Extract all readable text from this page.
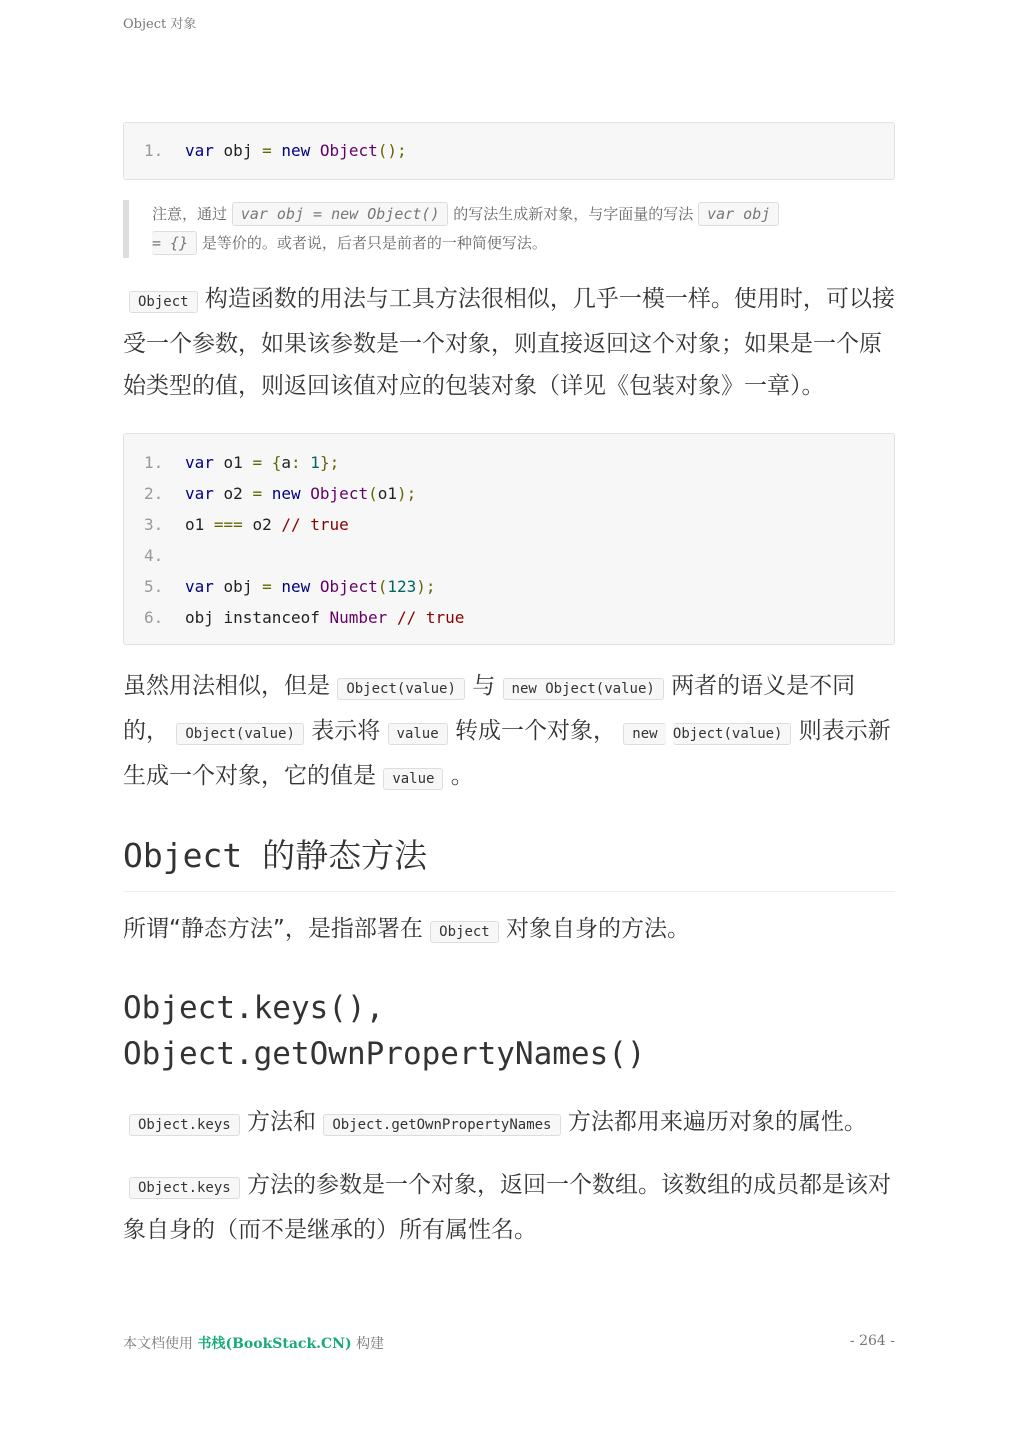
Object 对象
1. var obj = new Object();
注意，通过 var obj = new Object() 的写法生成新对象，与字面量的写法 var obj
= {} 是等价的。或者说，后者只是前者的一种简便写法。

Object 构造函数的用法与工具方法很相似，几乎一模一样。使用时，可以接受一个参数，如果该参数是一个对象，则直接返回这个对象；如果是一个原始类型的值，则返回该值对应的包装对象（详见《包装对象》一章）。

1. var o1 = {a: 1};
2. var o2 = new Object(o1);
3. o1 === o2 // true
4.
5. var obj = new Object(123);
6. obj instanceof Number // true

虽然用法相似，但是 Object(value) 与 new Object(value) 两者的语义是不同的， Object(value) 表示将 value 转成一个对象， new Object(value) 则表示新生成一个对象，它的值是 value 。

Object 的静态方法

所谓“静态方法”，是指部署在 Object 对象自身的方法。

Object.keys(),
Object.getOwnPropertyNames()

Object.keys 方法和 Object.getOwnPropertyNames 方法都用来遍历对象的属性。

Object.keys 方法的参数是一个对象，返回一个数组。该数组的成员都是该对象自身的（而不是继承的）所有属性名。

本文档使用 书栈(BookStack.CN) 构建	- 264 -
